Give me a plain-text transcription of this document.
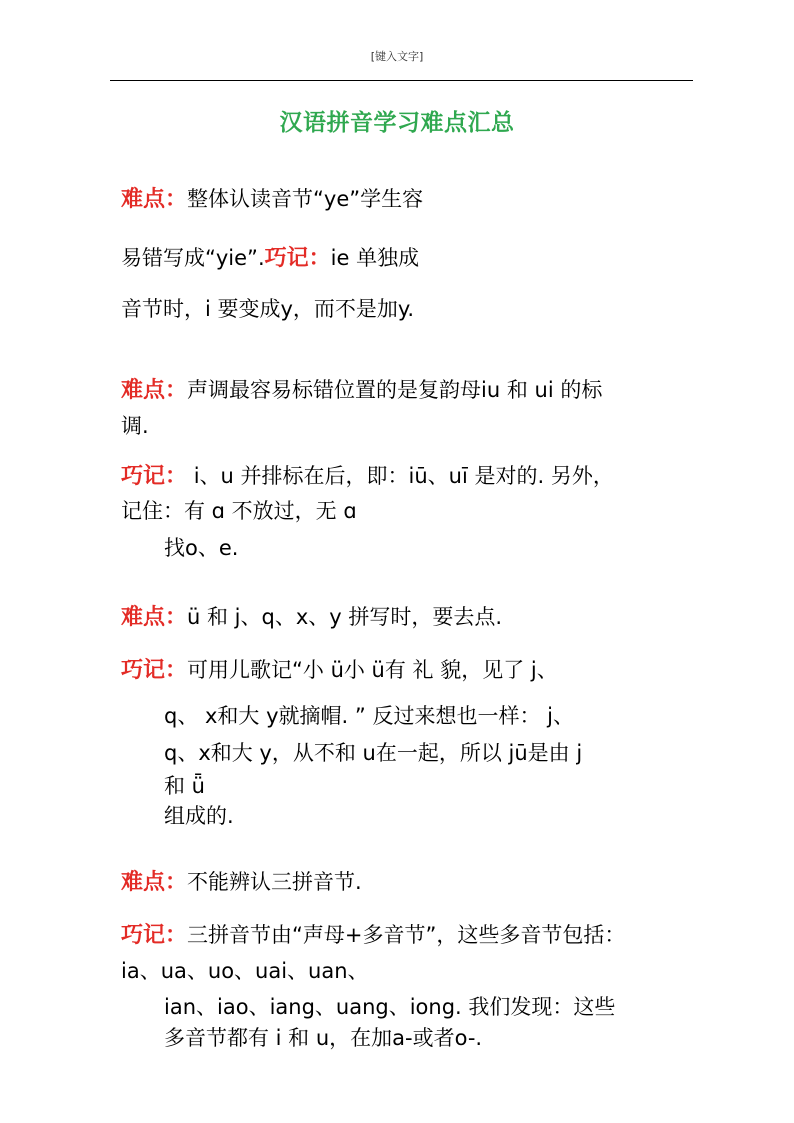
[键入文字]
汉语拼音学习难点汇总
难点：整体认读音节“ye”学生容
易错写成“yie”.巧记：ie 单独成
音节时，i 要变成y，而不是加y.
难点：声调最容易标错位置的是复韵母iu 和 ui 的标
调.
巧记： i、u 并排标在后，即：iū、uī 是对的. 另外，
记住：有 ɑ 不放过，无 ɑ
找o、e.
难点：ü 和 j、q、x、y 拼写时，要去点.
巧记：可用儿歌记“小 ü小 ü有 礼 貌，见了 j、
q、 x和大 y就摘帽. ” 反过来想也一样： j、
q、x和大 y，从不和 u在一起，所以 jū是由 j
和 ǖ
组成的.
难点：不能辨认三拼音节.
巧记：三拼音节由“声母+多音节”，这些多音节包括：
ia、ua、uo、uai、uan、
ian、iao、iang、uang、iong. 我们发现：这些
多音节都有 i 和 u，在加a-或者o-.
